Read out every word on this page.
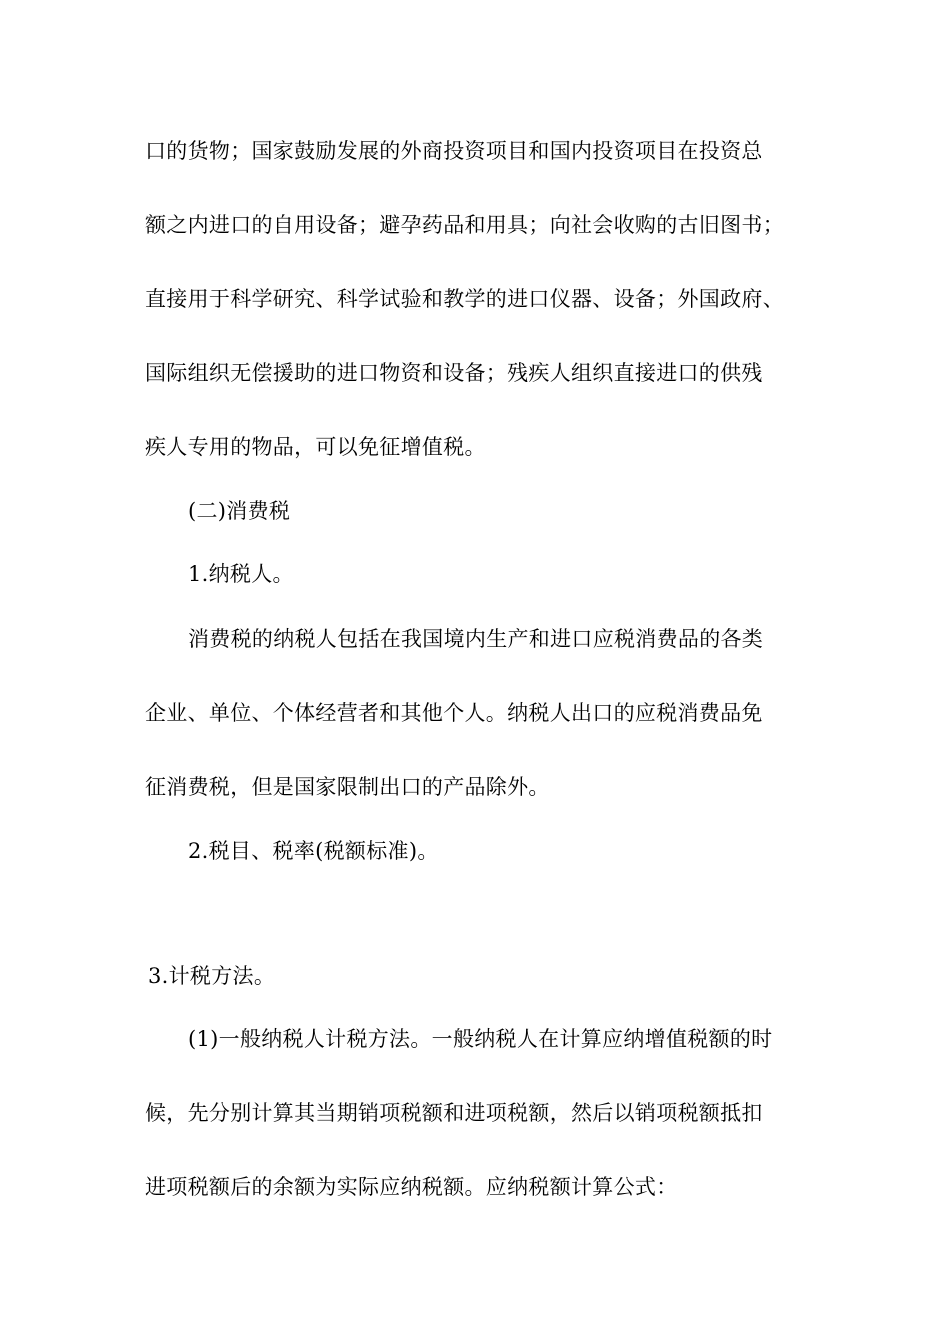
口的货物；国家鼓励发展的外商投资项目和国内投资项目在投资总
额之内进口的自用设备；避孕药品和用具；向社会收购的古旧图书；
直接用于科学研究、科学试验和教学的进口仪器、设备；外国政府、
国际组织无偿援助的进口物资和设备；残疾人组织直接进口的供残
疾人专用的物品，可以免征增值税。
(二)消费税
1.纳税人。
消费税的纳税人包括在我国境内生产和进口应税消费品的各类
企业、单位、个体经营者和其他个人。纳税人出口的应税消费品免
征消费税，但是国家限制出口的产品除外。
2.税目、税率(税额标准)。
3.计税方法。
(1)一般纳税人计税方法。一般纳税人在计算应纳增值税额的时
候，先分别计算其当期销项税额和进项税额，然后以销项税额抵扣
进项税额后的余额为实际应纳税额。应纳税额计算公式：
